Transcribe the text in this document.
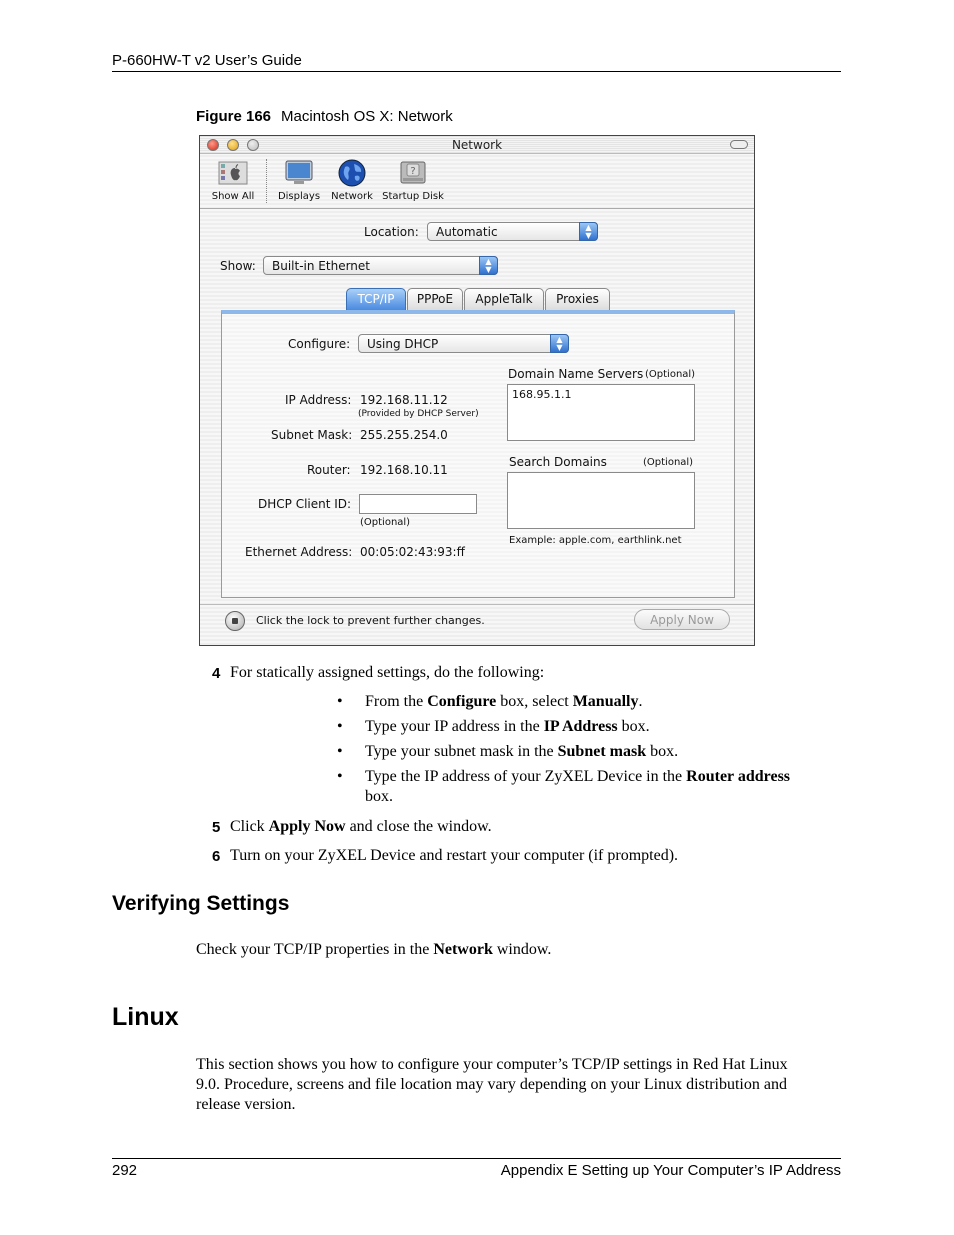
P-660HW-T v2 User’s Guide
Figure 166 Macintosh OS X: Network
Network
Show All	Displays	Network
?
Startup Disk
Location:	Automatic	▲
▼
Show:	Built-in Ethernet	▲
▼
TCP/IP	PPPoE	AppleTalk	Proxies
Configure:	Using DHCP	▲
▼
IP Address: 192.168.11.12
(Provided by DHCP Server)
Subnet Mask: 255.255.254.0
Router: 192.168.10.11
DHCP Client ID:
(Optional)
Ethernet Address: 00:05:02:43:93:ff
Domain Name Servers (Optional)
168.95.1.1
Search Domains	(Optional)
Example: apple.com, earthlink.net
Click the lock to prevent further changes.	Apply Now
4 For statically assigned settings, do the following:
• From the Configure box, select Manually.
• Type your IP address in the IP Address box.
• Type your subnet mask in the Subnet mask box.
• Type the IP address of your ZyXEL Device in the Router address
box.
5 Click Apply Now and close the window.
6 Turn on your ZyXEL Device and restart your computer (if prompted).
Verifying Settings
Check your TCP/IP properties in the Network window.
Linux
This section shows you how to configure your computer’s TCP/IP settings in Red Hat Linux
9.0. Procedure, screens and file location may vary depending on your Linux distribution and
release version.
292	Appendix E Setting up Your Computer’s IP Address
